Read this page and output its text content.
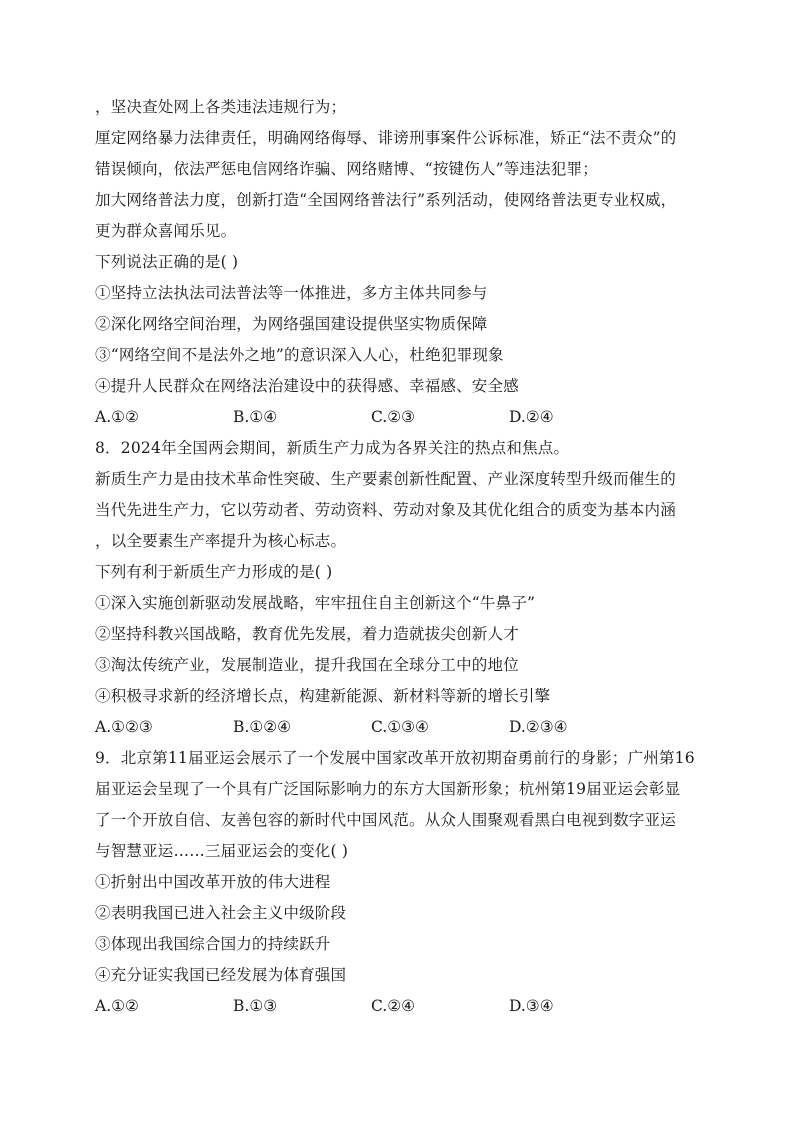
，坚决查处网上各类违法违规行为；
厘定网络暴力法律责任，明确网络侮辱、诽谤刑事案件公诉标准，矫正“法不责众”的
错误倾向，依法严惩电信网络诈骗、网络赌博、“按键伤人”等违法犯罪；
加大网络普法力度，创新打造“全国网络普法行”系列活动，使网络普法更专业权威，
更为群众喜闻乐见。
下列说法正确的是( )
①坚持立法执法司法普法等一体推进，多方主体共同参与
②深化网络空间治理，为网络强国建设提供坚实物质保障
③“网络空间不是法外之地”的意识深入人心，杜绝犯罪现象
④提升人民群众在网络法治建设中的获得感、幸福感、安全感
A.①②	B.①④	C.②③	D.②④
8．2024年全国两会期间，新质生产力成为各界关注的热点和焦点。
新质生产力是由技术革命性突破、生产要素创新性配置、产业深度转型升级而催生的
当代先进生产力，它以劳动者、劳动资料、劳动对象及其优化组合的质变为基本内涵
，以全要素生产率提升为核心标志。
下列有利于新质生产力形成的是( )
①深入实施创新驱动发展战略，牢牢扭住自主创新这个“牛鼻子”
②坚持科教兴国战略，教育优先发展，着力造就拔尖创新人才
③淘汰传统产业，发展制造业，提升我国在全球分工中的地位
④积极寻求新的经济增长点，构建新能源、新材料等新的增长引擎
A.①②③	B.①②④	C.①③④	D.②③④
9．北京第11届亚运会展示了一个发展中国家改革开放初期奋勇前行的身影；广州第16
届亚运会呈现了一个具有广泛国际影响力的东方大国新形象；杭州第19届亚运会彰显
了一个开放自信、友善包容的新时代中国风范。从众人围聚观看黑白电视到数字亚运
与智慧亚运……三届亚运会的变化( )
①折射出中国改革开放的伟大进程
②表明我国已进入社会主义中级阶段
③体现出我国综合国力的持续跃升
④充分证实我国已经发展为体育强国
A.①②	B.①③	C.②④	D.③④
